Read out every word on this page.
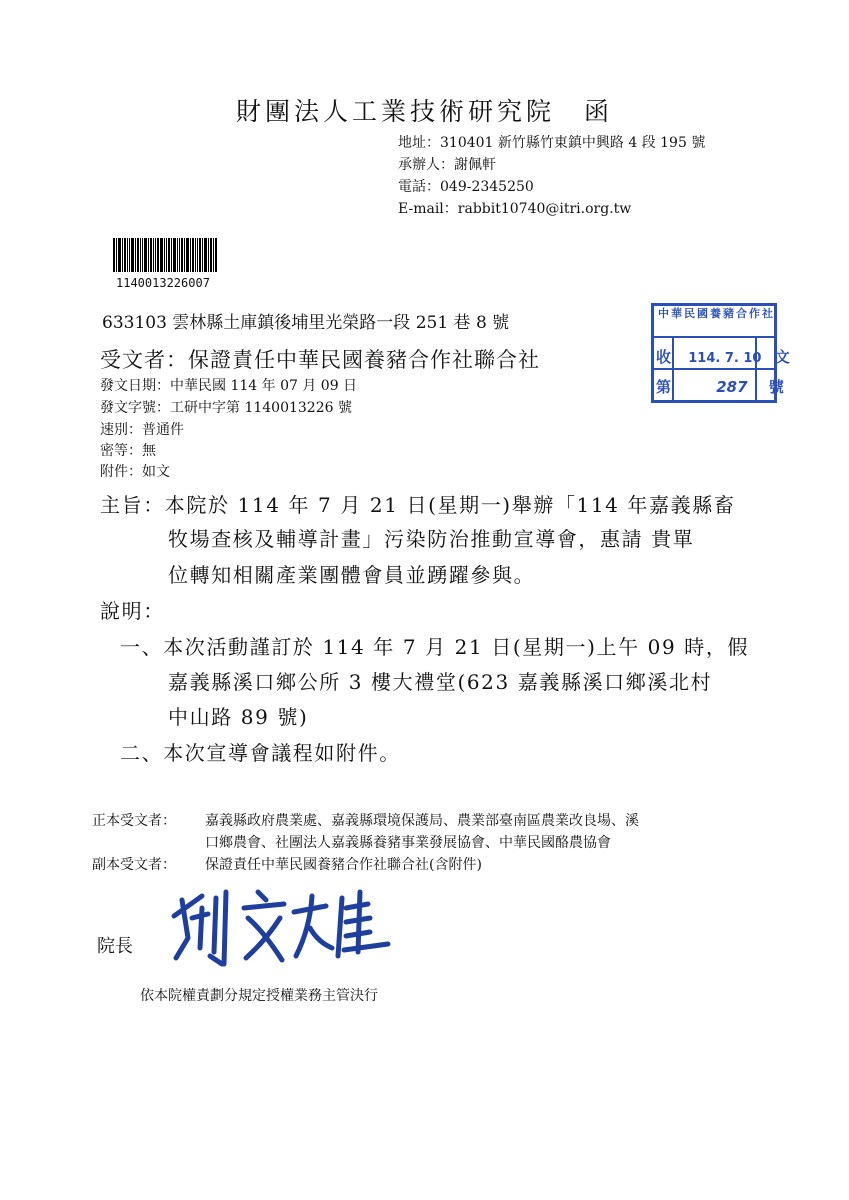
財團法人工業技術研究院　函
地址：310401 新竹縣竹東鎮中興路 4 段 195 號
承辦人：謝佩軒
電話：049-2345250
E-mail：rabbit10740@itri.org.tw
1140013226007
633103 雲林縣土庫鎮後埔里光榮路一段 251 巷 8 號	中華民國養豬合作社
收 114. 7. 10 文
第	287 號
受文者：保證責任中華民國養豬合作社聯合社
發文日期：中華民國 114 年 07 月 09 日
發文字號：工研中字第 1140013226 號
速別：普通件
密等：無
附件：如文
主旨：本院於 114 年 7 月 21 日(星期一)舉辦「114 年嘉義縣畜
牧場查核及輔導計畫」污染防治推動宣導會，惠請 貴單
位轉知相關產業團體會員並踴躍參與。
說明：
一、本次活動謹訂於 114 年 7 月 21 日(星期一)上午 09 時，假
嘉義縣溪口鄉公所 3 樓大禮堂(623 嘉義縣溪口鄉溪北村
中山路 89 號)
二、本次宣導會議程如附件。
正本受文者： 嘉義縣政府農業處、嘉義縣環境保護局、農業部臺南區農業改良場、溪
口鄉農會、社團法人嘉義縣養豬事業發展協會、中華民國酪農協會
副本受文者： 保證責任中華民國養豬合作社聯合社(含附件)
院長
依本院權責劃分規定授權業務主管決行
